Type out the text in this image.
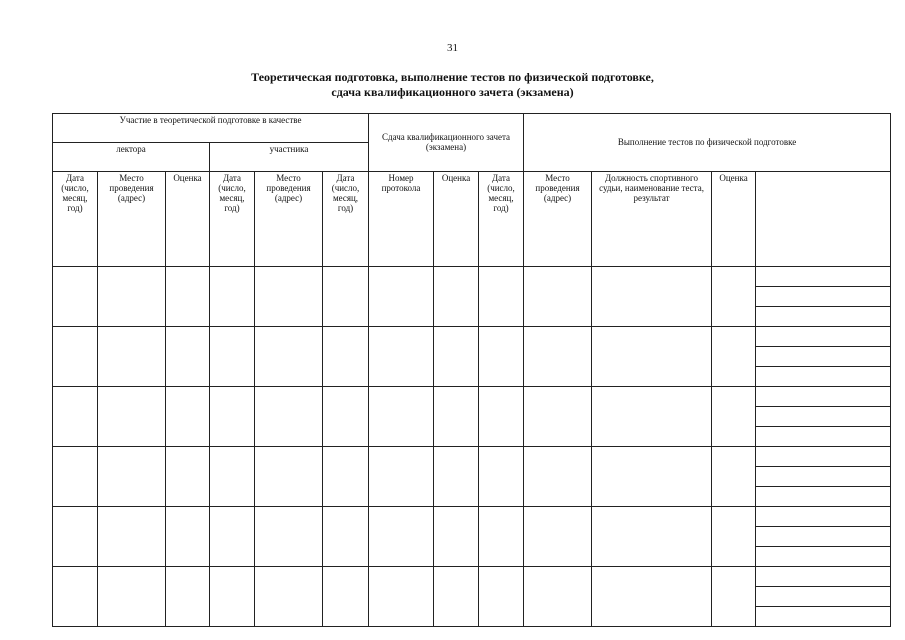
31
Теоретическая подготовка, выполнение тестов по физической подготовке,
сдача квалификационного зачета (экзамена)
Участие в теоретической подготовке в качестве						Сдача квалификационного зачета (экзамена)			Выполнение тестов по физической подготовке	
лектора			участника										
Дата (число, месяц, год)	Место проведения (адрес)	Оценка	Дата (число, месяц, год)	Место проведения (адрес)	Дата (число, месяц, год)	Номер протокола	Оценка	Дата (число, месяц, год)	Место проведения (адрес)	Должность спортивного судьи, наименование теста, результат	Оценка		
